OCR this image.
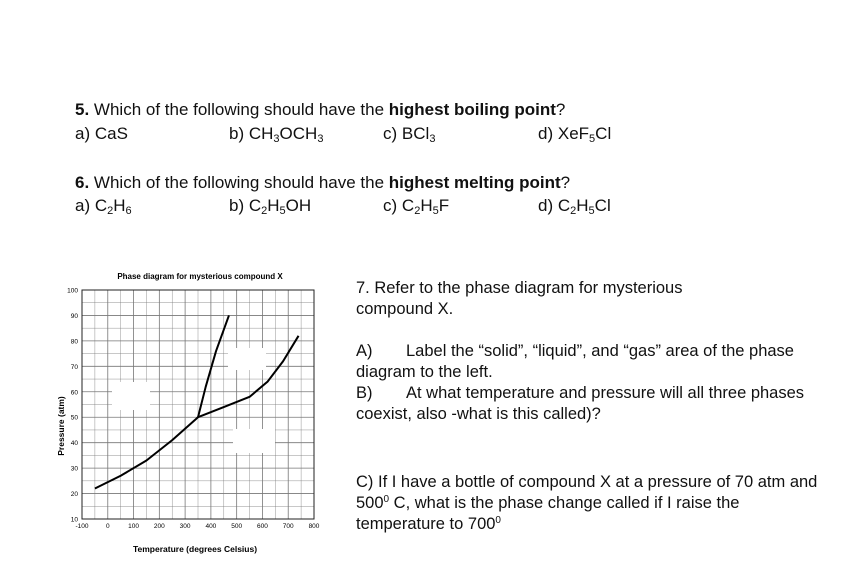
5. Which of the following should have the highest boiling point?
a) CaS	b) $CH_3OCH_3$	c) BCl$_3$	d) XeF$_5$Cl
6. Which of the following should have the highest melting point?
a) $C_2H_6$	b) $C_2H_5OH$	c) $C_2H_5F$	d) $C_2H_5Cl$
Phase diagram for mysterious compound X
Pressure (atm)
Temperature (degrees Celsius)
-100	0	100 200 300 400 500 600 700 800
10
20
30
40
50
60
70
80
90
100	7. Refer to the phase diagram for mysterious compound X.

A) Label the “solid”, “liquid”, and “gas” area of the phase diagram to the left.

B) At what temperature and pressure will all three phases coexist, also -what is this called)?

C) If I have a bottle of compound X at a pressure of 70 atm and $500^0$ C, what is the phase change called if I raise the temperature to $700^0$
